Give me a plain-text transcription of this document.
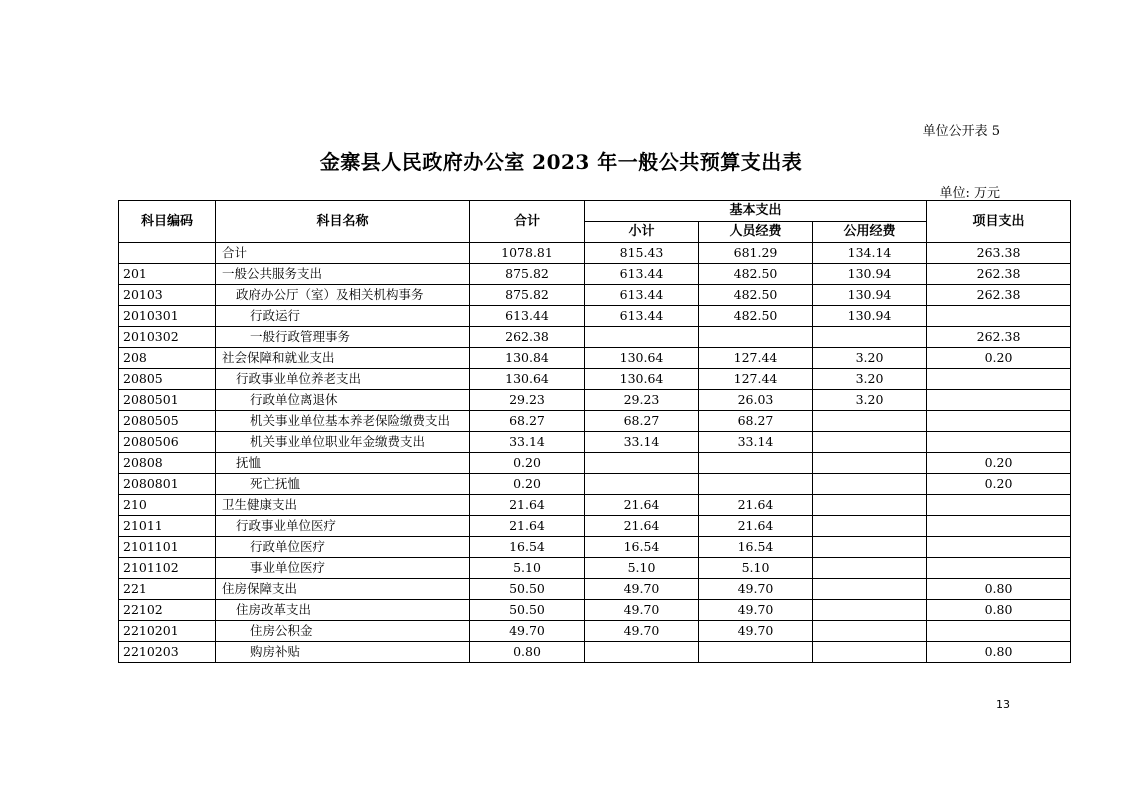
单位公开表 5
金寨县人民政府办公室 2023 年一般公共预算支出表
单位: 万元
科目编码	科目名称	合计	基本支出			项目支出
			小计	人员经费	公用经费	
	合计	1078.81	815.43	681.29	134.14	263.38
201	一般公共服务支出	875.82	613.44	482.50	130.94	262.38
20103	政府办公厅（室）及相关机构事务	875.82	613.44	482.50	130.94	262.38
2010301	行政运行	613.44	613.44	482.50	130.94	
2010302	一般行政管理事务	262.38				262.38
208	社会保障和就业支出	130.84	130.64	127.44	3.20	0.20
20805	行政事业单位养老支出	130.64	130.64	127.44	3.20	
2080501	行政单位离退休	29.23	29.23	26.03	3.20	
2080505	机关事业单位基本养老保险缴费支出	68.27	68.27	68.27		
2080506	机关事业单位职业年金缴费支出	33.14	33.14	33.14		
20808	抚恤	0.20				0.20
2080801	死亡抚恤	0.20				0.20
210	卫生健康支出	21.64	21.64	21.64		
21011	行政事业单位医疗	21.64	21.64	21.64		
2101101	行政单位医疗	16.54	16.54	16.54		
2101102	事业单位医疗	5.10	5.10	5.10		
221	住房保障支出	50.50	49.70	49.70		0.80
22102	住房改革支出	50.50	49.70	49.70		0.80
2210201	住房公积金	49.70	49.70	49.70		
2210203	购房补贴	0.80				0.80
13
